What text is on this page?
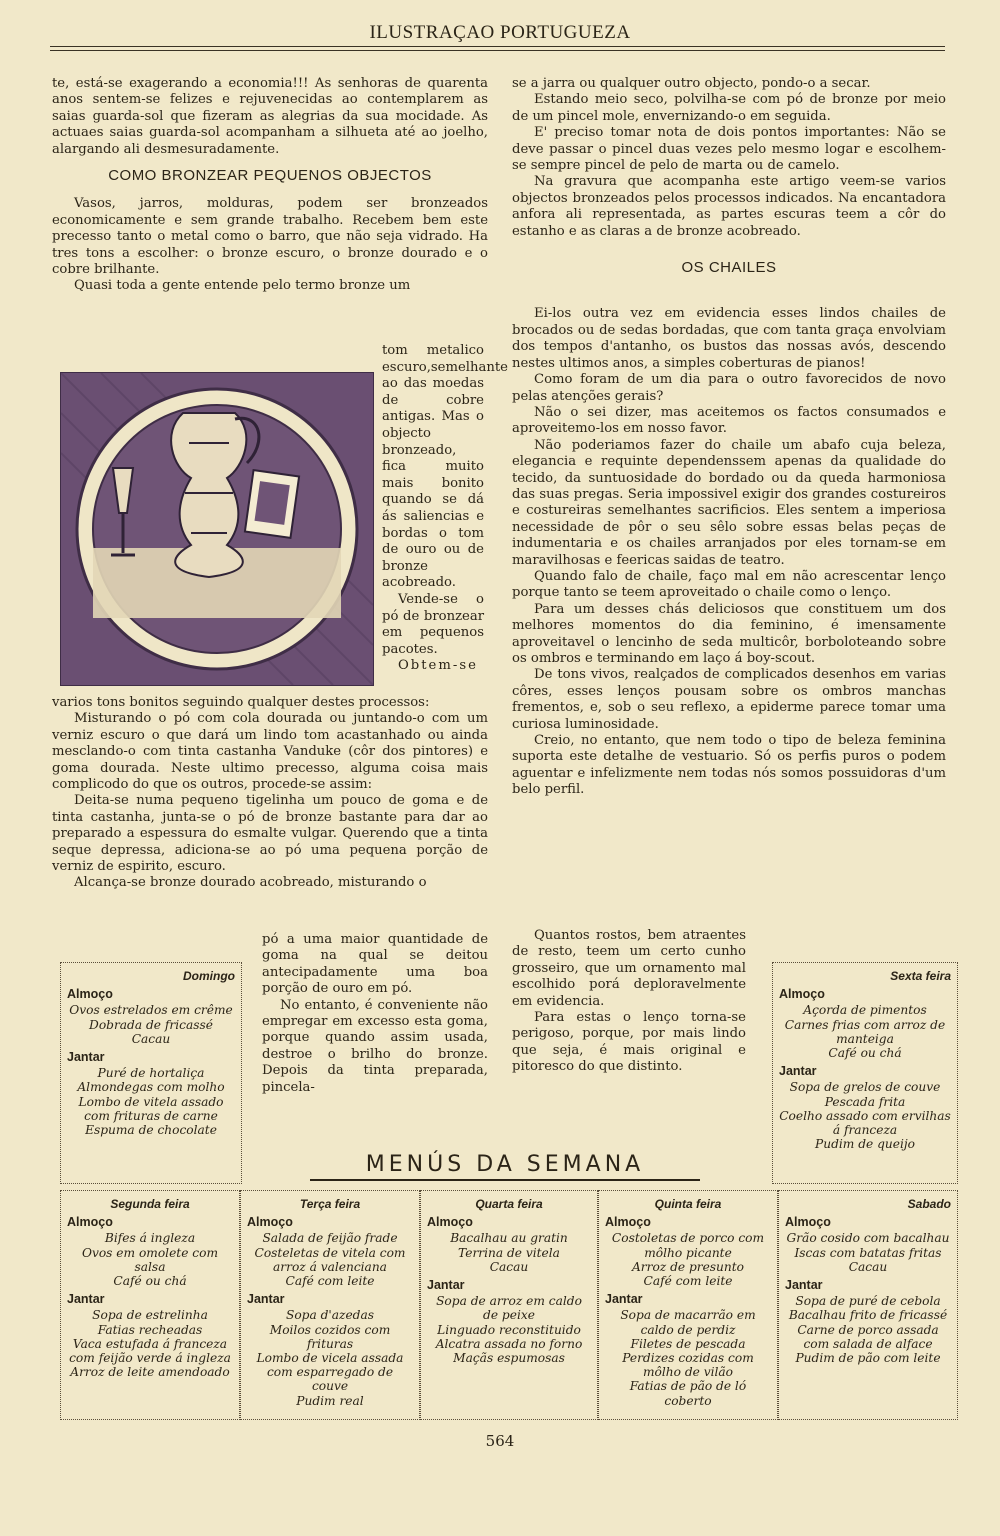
ILUSTRAÇAO PORTUGUEZA

te, está-se exagerando a economia!!! As senhoras de quarenta anos sentem-se felizes e rejuvenecidas ao contemplarem as saias guarda-sol que fizeram as alegrias da sua mocidade. As actuaes saias guarda-sol acompanham a silhueta até ao joelho, alargando ali desmesuradamente.

COMO BRONZEAR PEQUENOS OBJECTOS

Vasos, jarros, molduras, podem ser bronzeados economicamente e sem grande trabalho. Recebem bem este precesso tanto o metal como o barro, que não seja vidrado. Ha tres tons a escolher: o bronze escuro, o bronze dourado e o cobre brilhante.

Quasi toda a gente entende pelo termo bronze um

tom metalico escuro,semelhante ao das moedas de cobre antigas. Mas o objecto bronzeado, fica muito mais bonito quando se dá ás saliencias e bordas o tom de ouro ou de bronze acobreado.

Vende-se o pó de bronzear em pequenos pacotes.

Obtem-se

varios tons bonitos seguindo qualquer destes processos:

Misturando o pó com cola dourada ou juntando-o com um verniz escuro o que dará um lindo tom acastanhado ou ainda mesclando-o com tinta castanha Vanduke (côr dos pintores) e goma dourada. Neste ultimo precesso, alguma coisa mais complicodo do que os outros, procede-se assim:

Deita-se numa pequeno tigelinha um pouco de goma e de tinta castanha, junta-se o pó de bronze bastante para dar ao preparado a espessura do esmalte vulgar. Querendo que a tinta seque depressa, adiciona-se ao pó uma pequena porção de verniz de espirito, escuro.

Alcança-se bronze dourado acobreado, misturando o

pó a uma maior quantidade de goma na qual se deitou antecipadamente uma boa porção de ouro em pó.

No entanto, é conveniente não empregar em excesso esta goma, porque quando assim usada, destroe o brilho do bronze. Depois da tinta preparada, pincela-

se a jarra ou qualquer outro objecto, pondo-o a secar.

Estando meio seco, polvilha-se com pó de bronze por meio de um pincel mole, envernizando-o em seguida.

E' preciso tomar nota de dois pontos importantes: Não se deve passar o pincel duas vezes pelo mesmo logar e escolhem-se sempre pincel de pelo de marta ou de camelo.

Na gravura que acompanha este artigo veem-se varios objectos bronzeados pelos processos indicados. Na encantadora anfora ali representada, as partes escuras teem a côr do estanho e as claras a de bronze acobreado.

OS CHAILES

Ei-los outra vez em evidencia esses lindos chailes de brocados ou de sedas bordadas, que com tanta graça envolviam dos tempos d'antanho, os bustos das nossas avós, descendo nestes ultimos anos, a simples coberturas de pianos!

Como foram de um dia para o outro favorecidos de novo pelas atenções gerais?

Não o sei dizer, mas aceitemos os factos consumados e aproveitemo-los em nosso favor.

Não poderiamos fazer do chaile um abafo cuja beleza, elegancia e requinte dependenssem apenas da qualidade do tecido, da suntuosidade do bordado ou da queda harmoniosa das suas pregas. Seria impossivel exigir dos grandes costureiros e costureiras semelhantes sacrificios. Eles sentem a imperiosa necessidade de pôr o seu sêlo sobre essas belas peças de indumentaria e os chailes arranjados por eles tornam-se em maravilhosas e feericas saidas de teatro.

Quando falo de chaile, faço mal em não acrescentar lenço porque tanto se teem aproveitado o chaile como o lenço.

Para um desses chás deliciosos que constituem um dos melhores momentos do dia feminino, é imensamente aproveitavel o lencinho de seda multicôr, borboloteando sobre os ombros e terminando em laço á boy-scout.

De tons vivos, realçados de complicados desenhos em varias côres, esses lenços pousam sobre os ombros manchas frementos, e, sob o seu reflexo, a epiderme parece tomar uma curiosa luminosidade.

Creio, no entanto, que nem todo o tipo de beleza feminina suporta este detalhe de vestuario. Só os perfis puros o podem aguentar e infelizmente nem todas nós somos possuidoras d'um belo perfil.

Quantos rostos, bem atraentes de resto, teem um certo cunho grosseiro, que um ornamento mal escolhido porá deploravelmente em evidencia.

Para estas o lenço torna-se perigoso, porque, por mais lindo que seja, é mais original e pitoresco do que distinto.

Domingo
Almoço
Ovos estrelados em crême
Dobrada de fricassé
Cacau
Jantar
Puré de hortaliça
Almondegas com molho
Lombo de vitela assado com frituras de carne
Espuma de chocolate
Sexta feira
Almoço
Açorda de pimentos
Carnes frias com arroz de manteiga
Café ou chá
Jantar
Sopa de grelos de couve
Pescada frita
Coelho assado com ervilhas á franceza
Pudim de queijo
MENÚS DA SEMANA
Segunda feira
Almoço
Bifes á ingleza
Ovos em omolete com salsa
Café ou chá
Jantar
Sopa de estrelinha
Fatias recheadas
Vaca estufada á franceza com feijão verde á ingleza
Arroz de leite amendoado
Terça feira
Almoço
Salada de feijão frade
Costeletas de vitela com arroz á valenciana
Café com leite
Jantar
Sopa d'azedas
Moilos cozidos com frituras
Lombo de vicela assada com esparregado de couve
Pudim real
Quarta feira
Almoço
Bacalhau au gratin
Terrina de vitela
Cacau
Jantar
Sopa de arroz em caldo de peixe
Linguado reconstituido
Alcatra assada no forno
Maçãs espumosas
Quinta feira
Almoço
Costoletas de porco com môlho picante
Arroz de presunto
Café com leite
Jantar
Sopa de macarrão em caldo de perdiz
Filetes de pescada
Perdizes cozidas com môlho de vilão
Fatias de pão de ló coberto
Sabado
Almoço
Grão cosido com bacalhau
Iscas com batatas fritas
Cacau
Jantar
Sopa de puré de cebola
Bacalhau frito de fricassé
Carne de porco assada com salada de alface
Pudim de pão com leite
564
